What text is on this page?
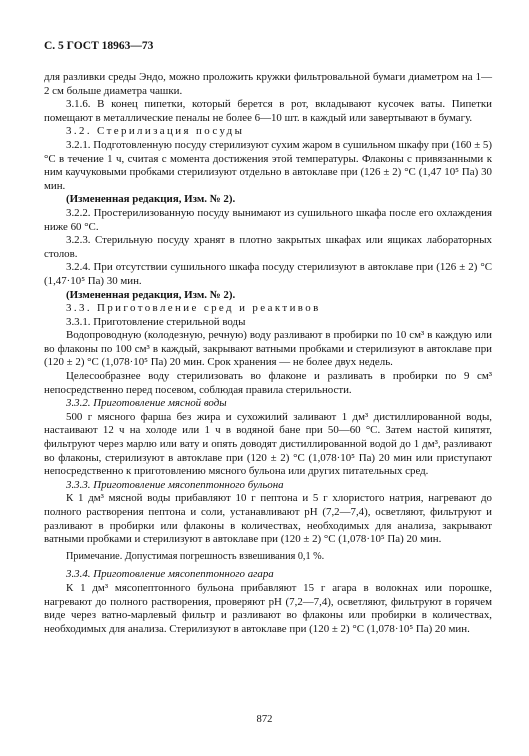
С. 5 ГОСТ 18963—73

для разливки среды Эндо, можно проложить кружки фильтровальной бумаги диаметром на 1—2 см больше диаметра чашки.

3.1.6. В конец пипетки, который берется в рот, вкладывают кусочек ваты. Пипетки помещают в металлические пеналы не более 6—10 шт. в каждый или завертывают в бумагу.

3.2. Стерилизация посуды

3.2.1. Подготовленную посуду стерилизуют сухим жаром в сушильном шкафу при (160 ± 5) °С в течение 1 ч, считая с момента достижения этой температуры. Флаконы с привязанными к ним каучуковыми пробками стерилизуют отдельно в автоклаве при (126 ± 2) °С (1,47 10⁵ Па) 30 мин.

(Измененная редакция, Изм. № 2).

3.2.2. Простерилизованную посуду вынимают из сушильного шкафа после его охлаждения ниже 60 °С.

3.2.3. Стерильную посуду хранят в плотно закрытых шкафах или ящиках лабораторных столов.

3.2.4. При отсутствии сушильного шкафа посуду стерилизуют в автоклаве при (126 ± 2) °С (1,47·10⁵ Па) 30 мин.

(Измененная редакция, Изм. № 2).

3.3. Приготовление сред и реактивов

3.3.1. Приготовление стерильной воды

Водопроводную (колодезную, речную) воду разливают в пробирки по 10 см³ в каждую или во флаконы по 100 см³ в каждый, закрывают ватными пробками и стерилизуют в автоклаве при (120 ± 2) °С (1,078·10⁵ Па) 20 мин. Срок хранения — не более двух недель.

Целесообразнее воду стерилизовать во флаконе и разливать в пробирки по 9 см³ непосредственно перед посевом, соблюдая правила стерильности.

3.3.2. Приготовление мясной воды

500 г мясного фарша без жира и сухожилий заливают 1 дм³ дистиллированной воды, настаивают 12 ч на холоде или 1 ч в водяной бане при 50—60 °С. Затем настой кипятят, фильтруют через марлю или вату и опять доводят дистиллированной водой до 1 дм³, разливают во флаконы, стерилизуют в автоклаве при (120 ± 2) °С (1,078·10⁵ Па) 20 мин или приступают непосредственно к приготовлению мясного бульона или других питательных сред.

3.3.3. Приготовление мясопептонного бульона

К 1 дм³ мясной воды прибавляют 10 г пептона и 5 г хлористого натрия, нагревают до полного растворения пептона и соли, устанавливают рН (7,2—7,4), осветляют, фильтруют и разливают в пробирки или флаконы в количествах, необходимых для анализа, закрывают ватными пробками и стерилизуют в автоклаве при (120 ± 2) °С (1,078·10⁵ Па) 20 мин.

Примечание. Допустимая погрешность взвешивания 0,1 %.

3.3.4. Приготовление мясопептонного агара

К 1 дм³ мясопептонного бульона прибавляют 15 г агара в волокнах или порошке, нагревают до полного растворения, проверяют рН (7,2—7,4), осветляют, фильтруют в горячем виде через ватно-марлевый фильтр и разливают во флаконы или пробирки в количествах, необходимых для анализа. Стерилизуют в автоклаве при (120 ± 2) °С (1,078·10⁵ Па) 20 мин.

872
